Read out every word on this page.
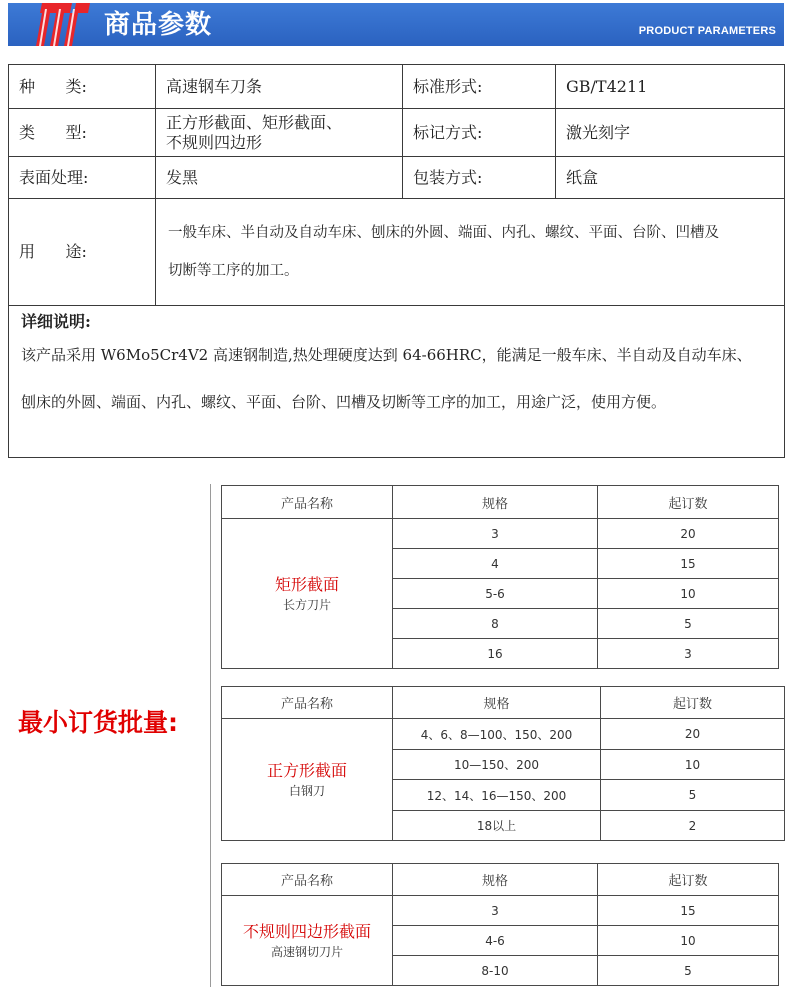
商品参数	PRODUCT PARAMETERS
种      类:	高速钢车刀条	标准形式:	GB/T4211
类      型:	正方形截面、矩形截面、
不规则四边形	标记方式:	激光刻字
表面处理:	发黑	包装方式:	纸盒
用      途:	一般车床、半自动及自动车床、刨床的外圆、端面、内孔、螺纹、平面、台阶、凹槽及
切断等工序的加工。		

详细说明:
该产品采用 W6Mo5Cr4V2 高速钢制造,热处理硬度达到 64-66HRC，能满足一般车床、半自动及自动车床、
刨床的外圆、端面、内孔、螺纹、平面、台阶、凹槽及切断等工序的加工，用途广泛，使用方便。			
最小订货批量:
产品名称	规格	起订数

矩形截面
长方刀片	3	20
	4	15
	5-6	10
	8	5
	16	3
产品名称	规格	起订数

正方形截面
白钢刀	4、6、8—100、150、200	20
	10—150、200	10
	12、14、16—150、200	5
	18以上	2
产品名称	规格	起订数

不规则四边形截面
高速钢切刀片	3	15
	4-6	10
	8-10	5
